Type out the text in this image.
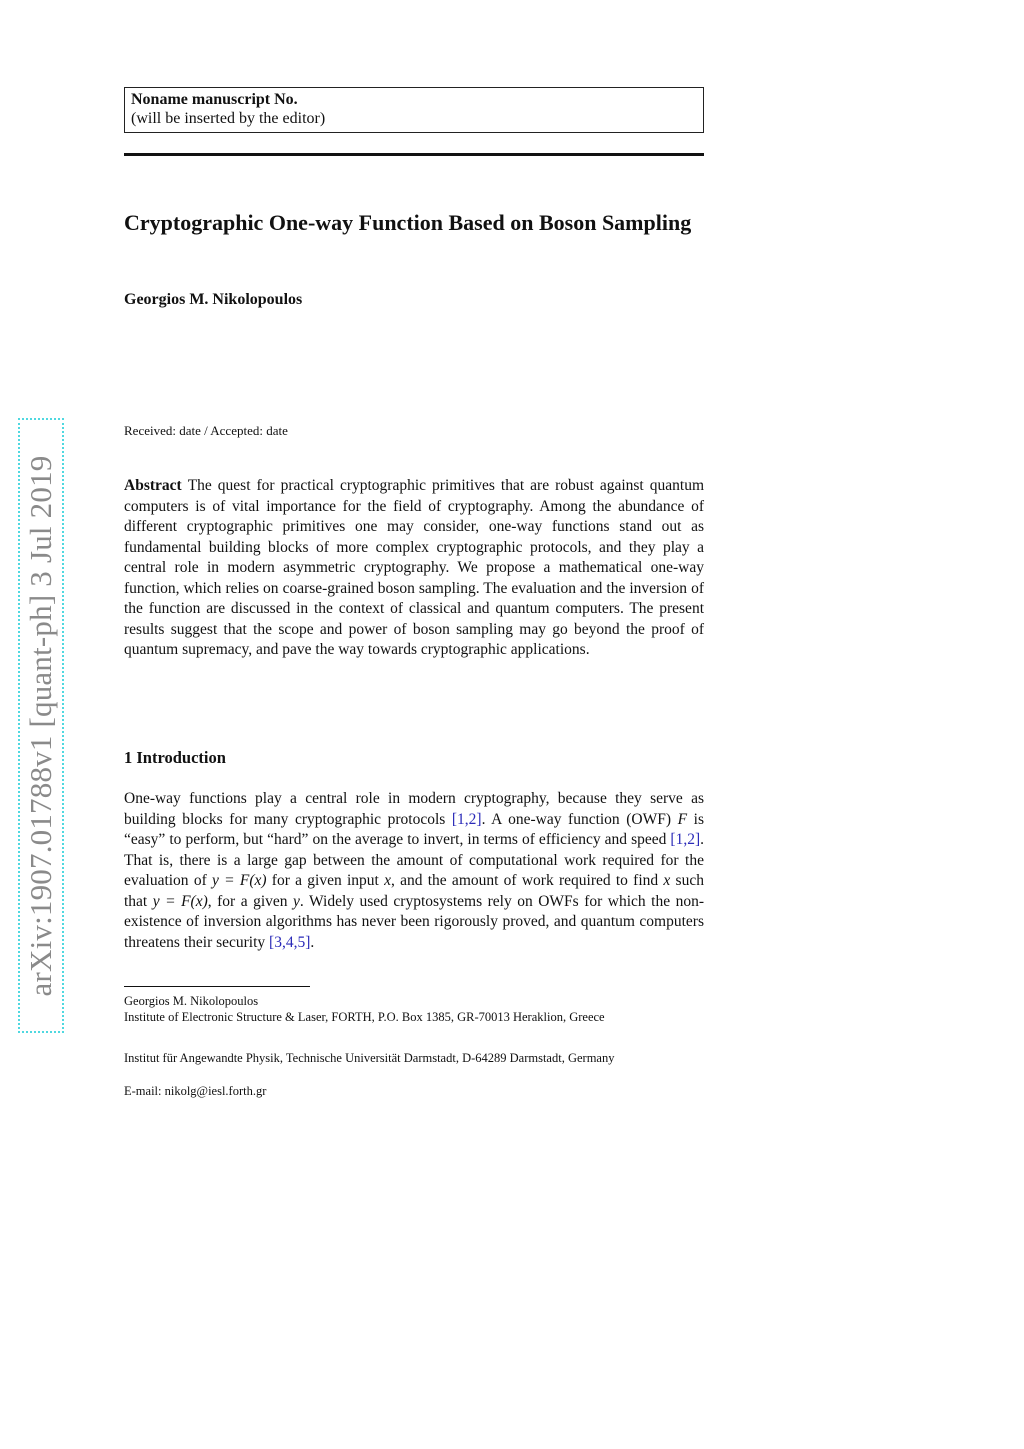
arXiv:1907.01788v1 [quant-ph] 3 Jul 2019
Noname manuscript No.
(will be inserted by the editor)
Cryptographic One-way Function Based on Boson Sampling
Georgios M. Nikolopoulos
Received: date / Accepted: date

Abstract The quest for practical cryptographic primitives that are robust against quantum computers is of vital importance for the field of cryptography. Among the abundance of different cryptographic primitives one may consider, one-way functions stand out as fundamental building blocks of more complex cryptographic protocols, and they play a central role in modern asymmetric cryptography. We propose a mathematical one-way function, which relies on coarse-grained boson sampling. The evaluation and the inversion of the function are discussed in the context of classical and quantum computers. The present results suggest that the scope and power of boson sampling may go beyond the proof of quantum supremacy, and pave the way towards cryptographic applications.

1 Introduction

One-way functions play a central role in modern cryptography, because they serve as building blocks for many cryptographic protocols [1,2]. A one-way function (OWF) F is “easy” to perform, but “hard” on the average to invert, in terms of efficiency and speed [1,2]. That is, there is a large gap between the amount of computational work required for the evaluation of y = F(x) for a given input x, and the amount of work required to find x such that y = F(x), for a given y. Widely used cryptosystems rely on OWFs for which the non-existence of inversion algorithms has never been rigorously proved, and quantum computers threatens their security [3,4,5].

Georgios M. Nikolopoulos

Institute of Electronic Structure & Laser, FORTH, P.O. Box 1385, GR-70013 Heraklion, Greece

Institut für Angewandte Physik, Technische Universität Darmstadt, D-64289 Darmstadt, Germany

E-mail: nikolg@iesl.forth.gr
